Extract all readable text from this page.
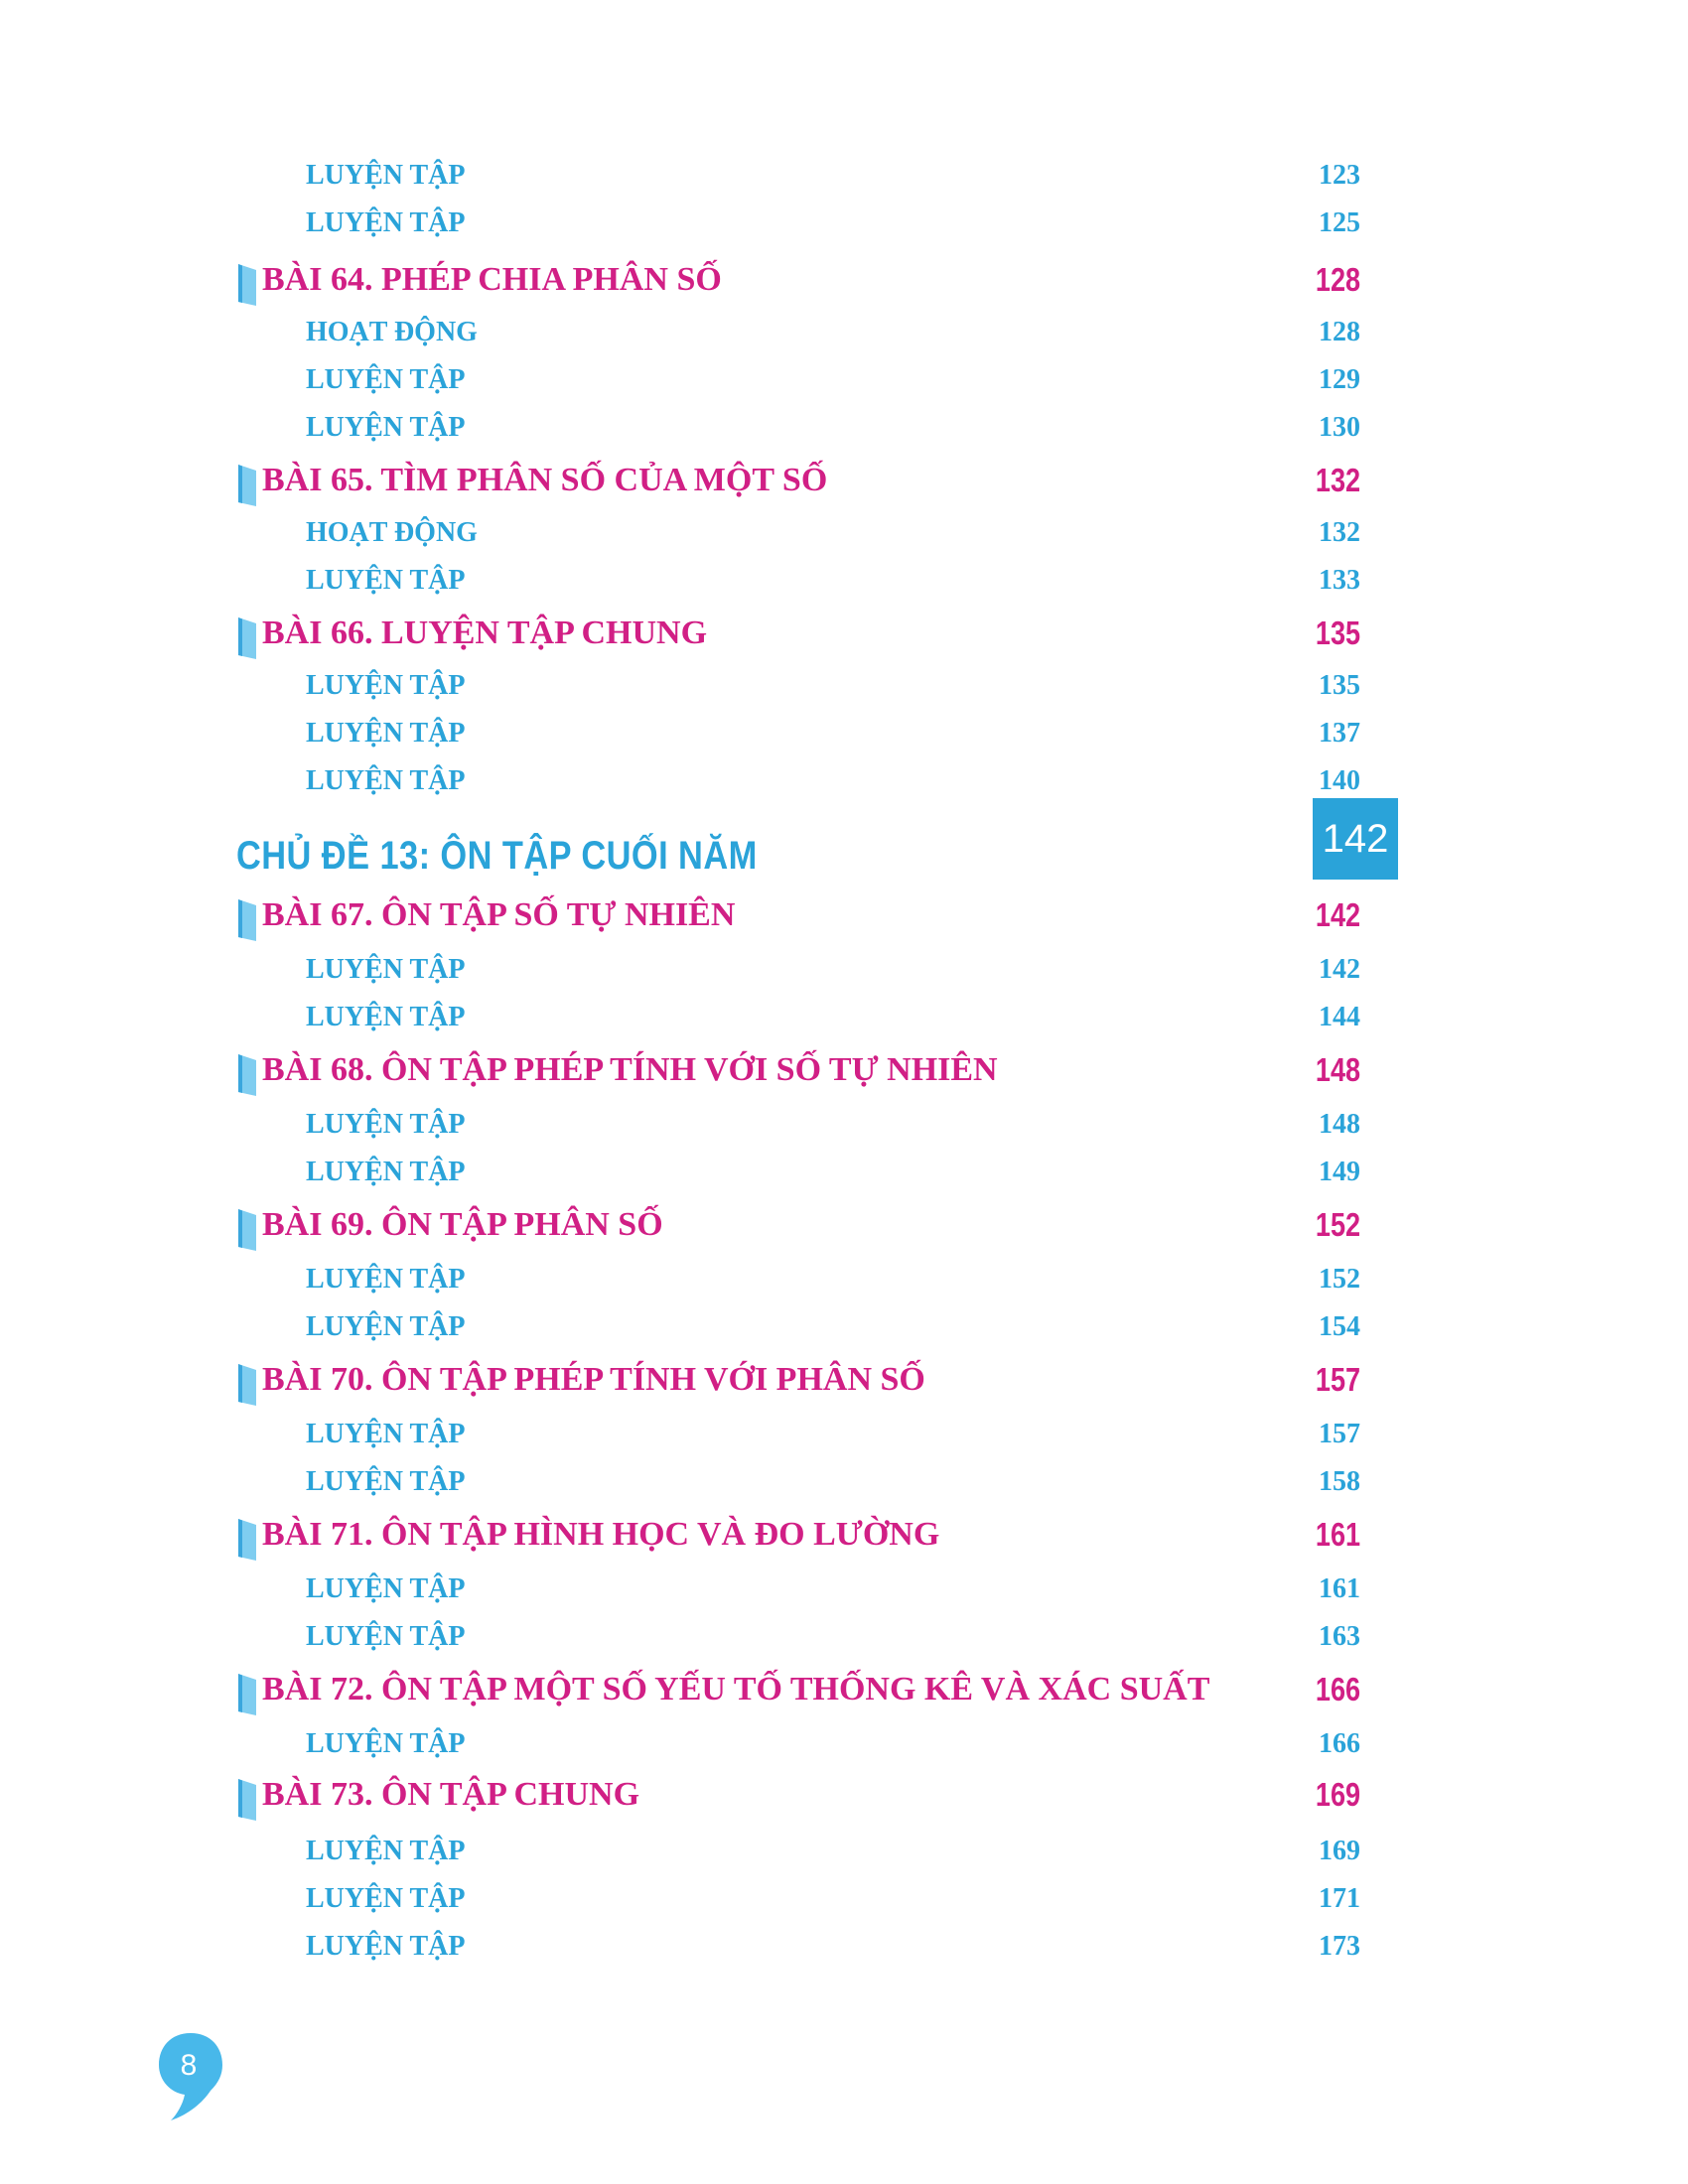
LUYỆN TẬP	123
LUYỆN TẬP	125
BÀI 64. PHÉP CHIA PHÂN SỐ	128
HOẠT ĐỘNG	128
LUYỆN TẬP	129
LUYỆN TẬP	130
BÀI 65. TÌM PHÂN SỐ CỦA MỘT SỐ	132
HOẠT ĐỘNG	132
LUYỆN TẬP	133
BÀI 66. LUYỆN TẬP CHUNG	135
LUYỆN TẬP	135
LUYỆN TẬP	137
LUYỆN TẬP	140
CHỦ ĐỀ 13: ÔN TẬP CUỐI NĂM
BÀI 67. ÔN TẬP SỐ TỰ NHIÊN	142
LUYỆN TẬP	142
LUYỆN TẬP	144
BÀI 68. ÔN TẬP PHÉP TÍNH VỚI SỐ TỰ NHIÊN	148
LUYỆN TẬP	148
LUYỆN TẬP	149
BÀI 69. ÔN TẬP PHÂN SỐ	152
LUYỆN TẬP	152
LUYỆN TẬP	154
BÀI 70. ÔN TẬP PHÉP TÍNH VỚI PHÂN SỐ	157
LUYỆN TẬP	157
LUYỆN TẬP	158
BÀI 71. ÔN TẬP HÌNH HỌC VÀ ĐO LƯỜNG	161
LUYỆN TẬP	161
LUYỆN TẬP	163
BÀI 72. ÔN TẬP MỘT SỐ YẾU TỐ THỐNG KÊ VÀ XÁC SUẤT	166
LUYỆN TẬP	166
BÀI 73. ÔN TẬP CHUNG	169
LUYỆN TẬP	169
LUYỆN TẬP	171
LUYỆN TẬP	173
142
8
